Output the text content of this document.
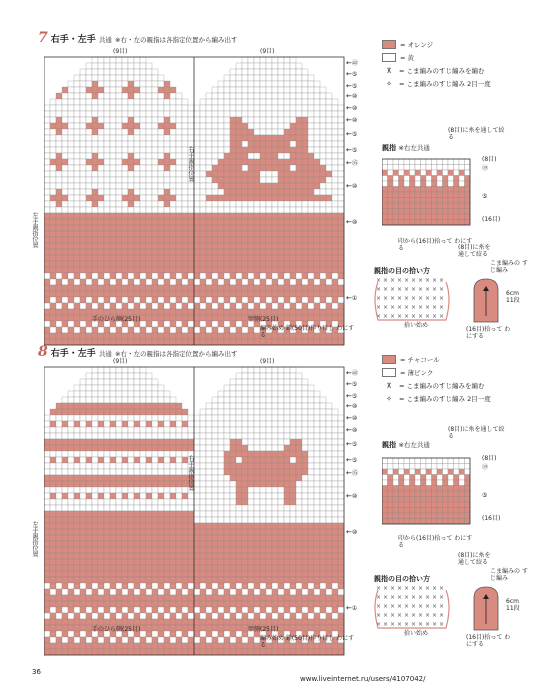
7 右手・左手 共通 ※右・左の親指は各指定位置から編み出す
(9目)	(9目)
右手親指位置
左手親指位置
← ㊽
← ⑤
← ⑤
← ⑩
← ⑩
← ⑩
← ⑤
← ⑤
← ㉟
← ⑩
← ⑩
← ①
手のひら側(25目)	甲側(25目)
編み始め 鎖(50目)作り目し わにする
= オレンジ
= 黄
⊼	= こま編みのすじ編みを編む
✧	= こま編みのすじ編み 2目一度
親指 ※右左共通
(8目)に糸を通して絞る
(8目)
⑲
⑤
(16目)
印から(16目)拾って わにする
親指の目の拾い方
× × × × × × × × × ×
× × × × × × × × × ×
× × × × × × × × × ×
× × × × × × × × × ×
× × × × × × × × × ×
拾い始め
(8目)に糸を 通して絞る
こま編みの すじ編み
6cm 11段
(16目)拾って わにする
8 右手・左手 共通 ※右・左の親指は各指定位置から編み出す
(9目)	(9目)
右手親指位置
左手親指位置
← ㊽
← ⑤
← ⑤
← ⑩
← ⑩
← ⑩
← ⑤
← ⑤
← ㉟
← ⑩
← ⑩
← ①
手のひら側(25目)	甲側(25目)
編み始め 鎖(50目)作り目し わにする
= チャコール
= 薄ピンク
⊼	= こま編みのすじ編みを編む
✧	= こま編みのすじ編み 2目一度
親指 ※右左共通
(8目)に糸を通して絞る
(8目)
⑲
⑤
(16目)
印から(16目)拾って わにする
親指の目の拾い方
× × × × × × × × × ×
× × × × × × × × × ×
× × × × × × × × × ×
× × × × × × × × × ×
× × × × × × × × × ×
拾い始め
(8目)に糸を 通して絞る
こま編みの すじ編み
6cm 11段
(16目)拾って わにする
36
www.liveinternet.ru/users/4107042/
